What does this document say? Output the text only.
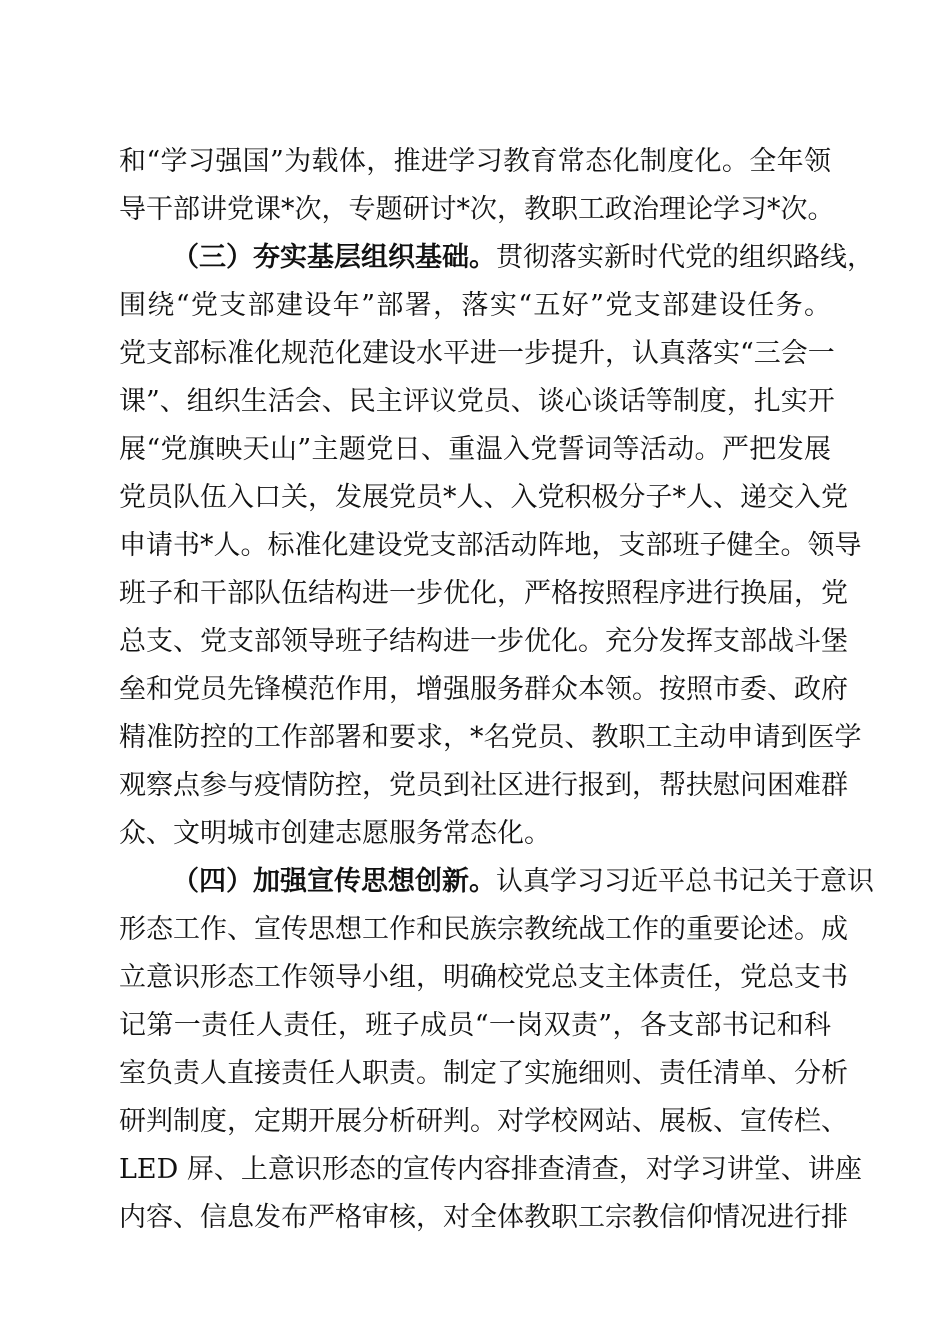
和“学习强国”为载体，推进学习教育常态化制度化。全年领
导干部讲党课*次，专题研讨*次，教职工政治理论学习*次。
（三）夯实基层组织基础。贯彻落实新时代党的组织路线，
围绕“党支部建设年”部署，落实“五好”党支部建设任务。
党支部标准化规范化建设水平进一步提升，认真落实“三会一
课”、组织生活会、民主评议党员、谈心谈话等制度，扎实开
展“党旗映天山”主题党日、重温入党誓词等活动。严把发展
党员队伍入口关，发展党员*人、入党积极分子*人、递交入党
申请书*人。标准化建设党支部活动阵地，支部班子健全。领导
班子和干部队伍结构进一步优化，严格按照程序进行换届，党
总支、党支部领导班子结构进一步优化。充分发挥支部战斗堡
垒和党员先锋模范作用，增强服务群众本领。按照市委、政府
精准防控的工作部署和要求，*名党员、教职工主动申请到医学
观察点参与疫情防控，党员到社区进行报到，帮扶慰问困难群
众、文明城市创建志愿服务常态化。
（四）加强宣传思想创新。认真学习习近平总书记关于意识
形态工作、宣传思想工作和民族宗教统战工作的重要论述。成
立意识形态工作领导小组，明确校党总支主体责任，党总支书
记第一责任人责任，班子成员“一岗双责”，各支部书记和科
室负责人直接责任人职责。制定了实施细则、责任清单、分析
研判制度，定期开展分析研判。对学校网站、展板、宣传栏、
LED 屏、上意识形态的宣传内容排查清查，对学习讲堂、讲座
内容、信息发布严格审核，对全体教职工宗教信仰情况进行排
